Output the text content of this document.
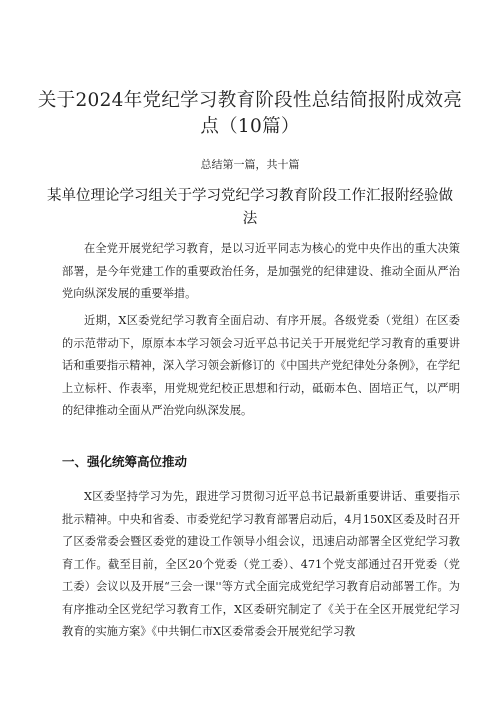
关于2024年党纪学习教育阶段性总结简报附成效亮点（10篇）
总结第一篇，共十篇
某单位理论学习组关于学习党纪学习教育阶段工作汇报附经验做法

在全党开展党纪学习教育，是以习近平同志为核心的党中央作出的重大决策部署，是今年党建工作的重要政治任务，是加强党的纪律建设、推动全面从严治党向纵深发展的重要举措。

近期，X区委党纪学习教育全面启动、有序开展。各级党委（党组）在区委的示范带动下，原原本本学习领会习近平总书记关于开展党纪学习教育的重要讲话和重要指示精神，深入学习领会新修订的《中国共产党纪律处分条例》，在学纪上立标杆、作表率，用党规党纪校正思想和行动，砥砺本色、固培正气，以严明的纪律推动全面从严治党向纵深发展。

一、强化统筹高位推动

X区委坚持学习为先，跟进学习贯彻习近平总书记最新重要讲话、重要指示批示精神。中央和省委、市委党纪学习教育部署启动后，4月150X区委及时召开了区委常委会暨区委党的建设工作领导小组会议，迅速启动部署全区党纪学习教育工作。截至目前，全区20个党委（党工委）、471个党支部通过召开党委（党工委）会议以及开展“三会一课''等方式全面完成党纪学习教育启动部署工作。为有序推动全区党纪学习教育工作，X区委研究制定了《关于在全区开展党纪学习教育的实施方案》《中共铜仁市X区委常委会开展党纪学习教
